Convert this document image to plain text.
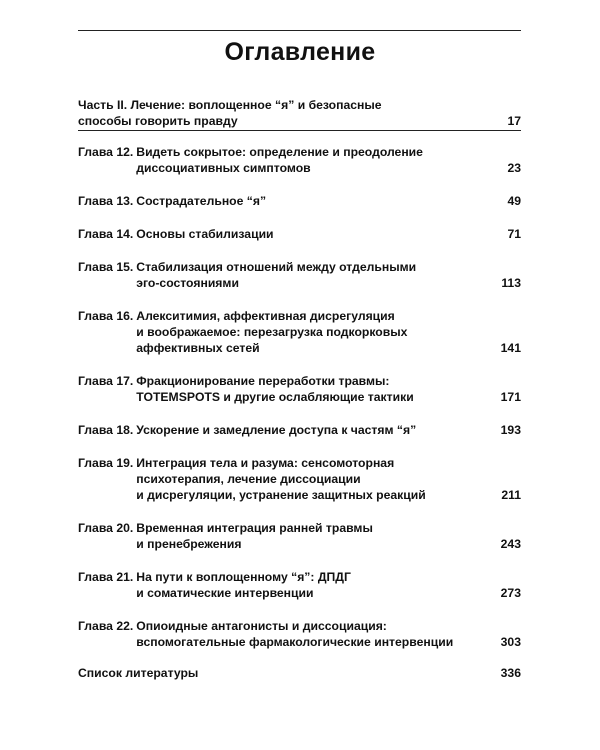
Оглавление
Часть II. Лечение: воплощенное “я” и безопасные
способы говорить правду	17
Глава 12. Видеть сокрытое: определение и преодоление
диссоциативных симптомов	23
Глава 13. Сострадательное “я”	49
Глава 14. Основы стабилизации	71
Глава 15. Стабилизация отношений между отдельными
эго-состояниями	113
Глава 16. Алекситимия, аффективная дисрегуляция
и воображаемое: перезагрузка подкорковых
аффективных сетей	141
Глава 17. Фракционирование переработки травмы:
TOTEMSPOTS и другие ослабляющие тактики	171
Глава 18. Ускорение и замедление доступа к частям “я”	193
Глава 19. Интеграция тела и разума: сенсомоторная
психотерапия, лечение диссоциации
и дисрегуляции, устранение защитных реакций	211
Глава 20. Временная интеграция ранней травмы
и пренебрежения	243
Глава 21. На пути к воплощенному “я”: ДПДГ
и соматические интервенции	273
Глава 22. Опиоидные антагонисты и диссоциация:
вспомогательные фармакологические интервенции	303
Список литературы	336
